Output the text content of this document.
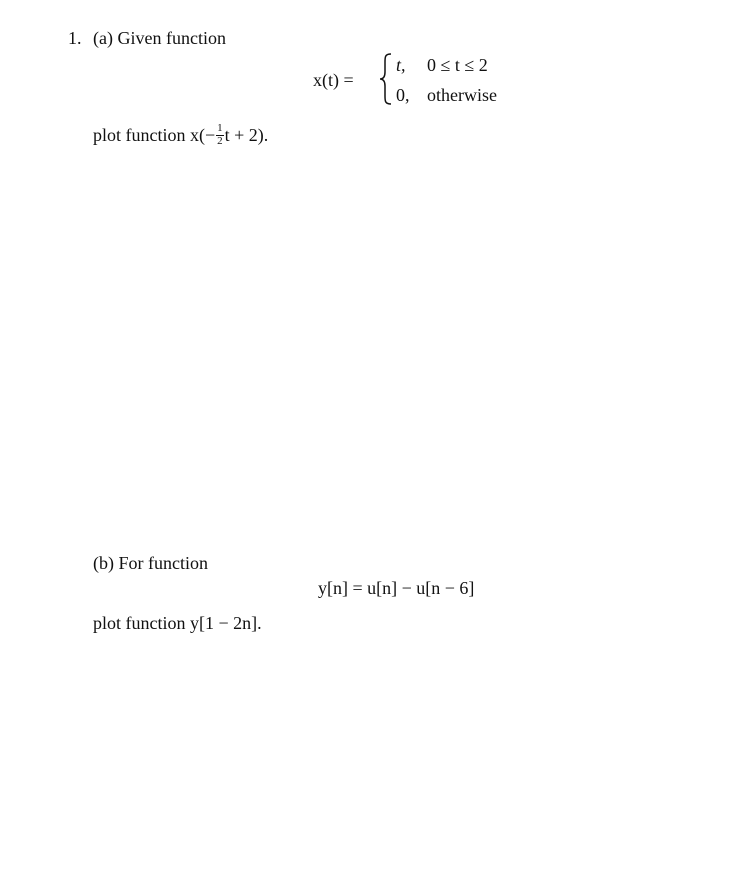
1. (a) Given function
x(t) =
t, 0 ≤ t ≤ 2
0, otherwise
plot function $x(- \frac{1}{2}$ t + 2).
(b) For function
y[n] = u[n] − u[n − 6]
plot function y[1 − 2n].
